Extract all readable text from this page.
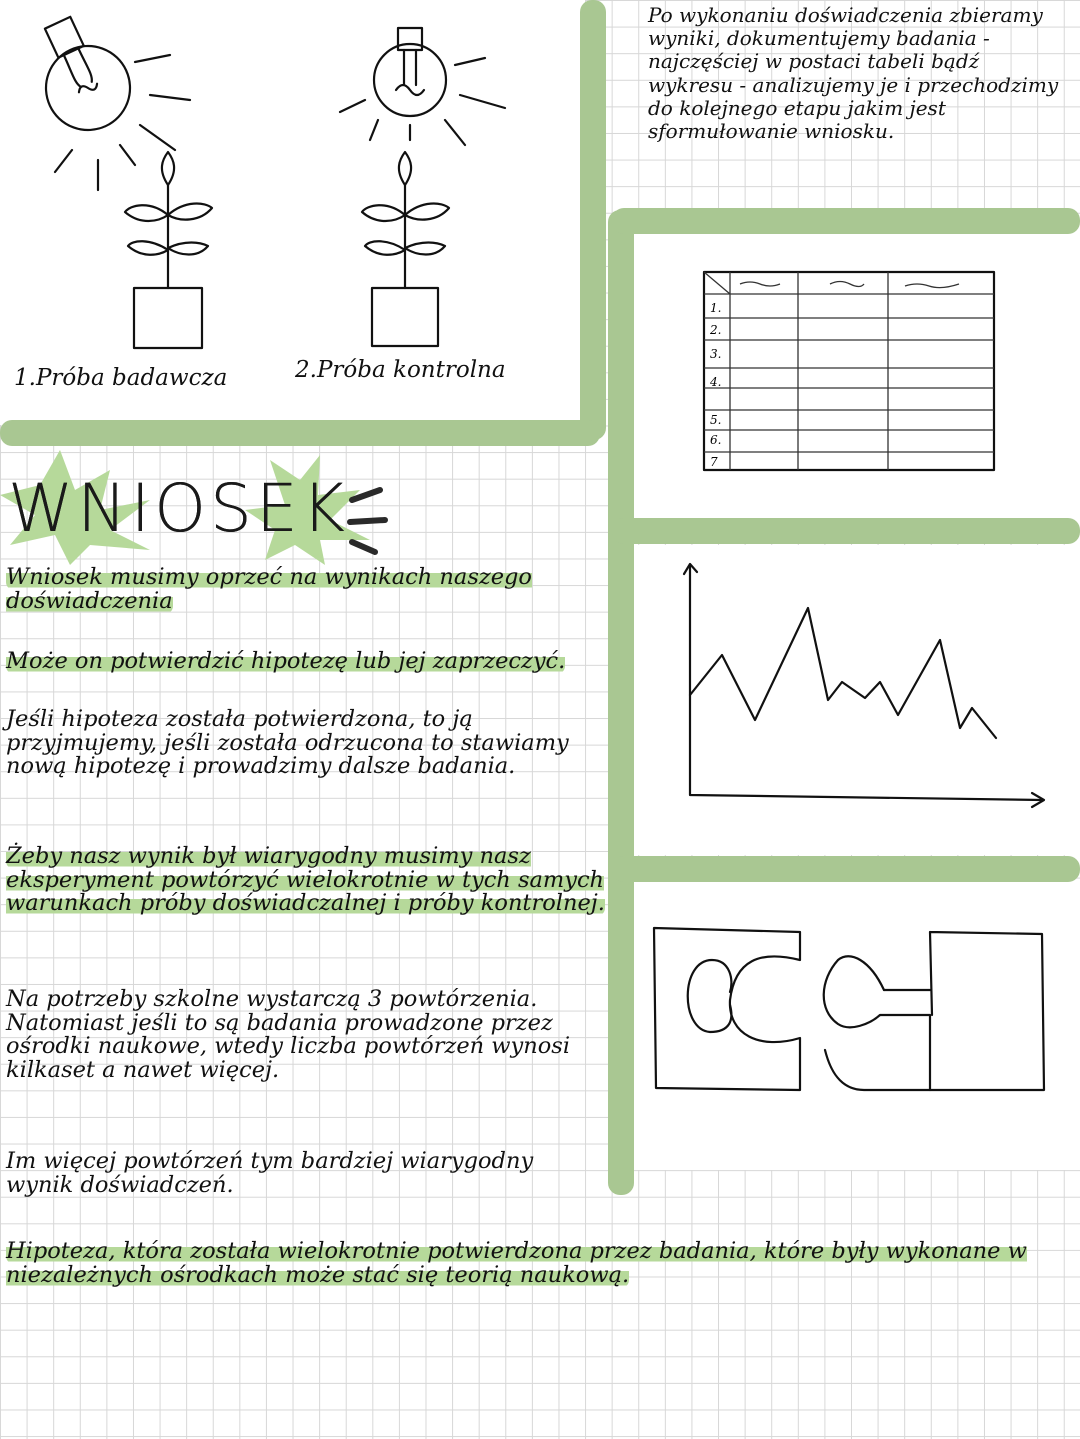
1.Próba badawcza	2.Próba kontrolna
Po wykonaniu doświadczenia zbieramy wyniki, dokumentujemy badania - najczęściej w postaci tabeli bądź wykresu - analizujemy je i przechodzimy do kolejnego etapu jakim jest sformułowanie wniosku.
1.
2.
3.
4.
5.
6.
7
WNIOSEK
Wniosek musimy oprzeć na wynikach naszego doświadczenia
Może on potwierdzić hipotezę lub jej zaprzeczyć.
Jeśli hipoteza została potwierdzona, to ją przyjmujemy, jeśli została odrzucona to stawiamy nową hipotezę i prowadzimy dalsze badania.
Żeby nasz wynik był wiarygodny musimy nasz eksperyment powtórzyć wielokrotnie w tych samych warunkach próby doświadczalnej i próby kontrolnej.
Na potrzeby szkolne wystarczą 3 powtórzenia. Natomiast jeśli to są badania prowadzone przez ośrodki naukowe, wtedy liczba powtórzeń wynosi kilkaset a nawet więcej.
Im więcej powtórzeń tym bardziej wiarygodny wynik doświadczeń.
Hipoteza, która została wielokrotnie potwierdzona przez badania, które były wykonane w niezależnych ośrodkach może stać się teorią naukową.
